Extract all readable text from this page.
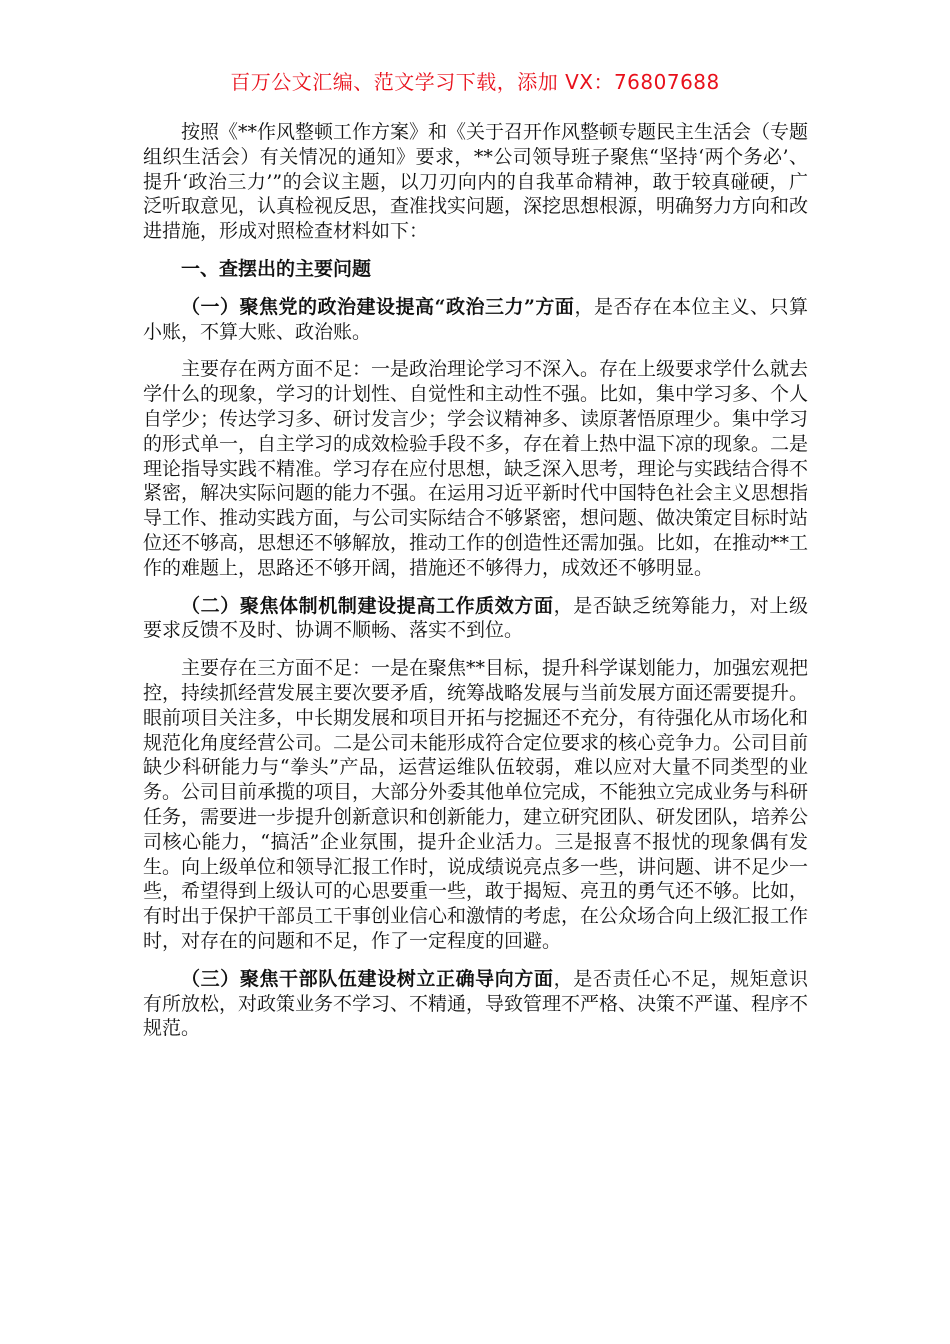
百万公文汇编、范文学习下载，添加 VX：76807688

按照《**作风整顿工作方案》和《关于召开作风整顿专题民主生活会（专题组织生活会）有关情况的通知》要求，**公司领导班子聚焦“坚持‘两个务必’、提升‘政治三力’”的会议主题，以刀刃向内的自我革命精神，敢于较真碰硬，广泛听取意见，认真检视反思，查准找实问题，深挖思想根源，明确努力方向和改进措施，形成对照检查材料如下：

一、查摆出的主要问题

（一）聚焦党的政治建设提高“政治三力”方面，是否存在本位主义、只算小账，不算大账、政治账。

主要存在两方面不足：一是政治理论学习不深入。存在上级要求学什么就去学什么的现象，学习的计划性、自觉性和主动性不强。比如，集中学习多、个人自学少；传达学习多、研讨发言少；学会议精神多、读原著悟原理少。集中学习的形式单一，自主学习的成效检验手段不多，存在着上热中温下凉的现象。二是理论指导实践不精准。学习存在应付思想，缺乏深入思考，理论与实践结合得不紧密，解决实际问题的能力不强。在运用习近平新时代中国特色社会主义思想指导工作、推动实践方面，与公司实际结合不够紧密，想问题、做决策定目标时站位还不够高，思想还不够解放，推动工作的创造性还需加强。比如，在推动**工作的难题上，思路还不够开阔，措施还不够得力，成效还不够明显。

（二）聚焦体制机制建设提高工作质效方面，是否缺乏统筹能力，对上级要求反馈不及时、协调不顺畅、落实不到位。

主要存在三方面不足：一是在聚焦**目标，提升科学谋划能力，加强宏观把控，持续抓经营发展主要次要矛盾，统筹战略发展与当前发展方面还需要提升。眼前项目关注多，中长期发展和项目开拓与挖掘还不充分，有待强化从市场化和规范化角度经营公司。二是公司未能形成符合定位要求的核心竞争力。公司目前缺少科研能力与“拳头”产品，运营运维队伍较弱，难以应对大量不同类型的业务。公司目前承揽的项目，大部分外委其他单位完成，不能独立完成业务与科研任务，需要进一步提升创新意识和创新能力，建立研究团队、研发团队，培养公司核心能力，“搞活”企业氛围，提升企业活力。三是报喜不报忧的现象偶有发生。向上级单位和领导汇报工作时，说成绩说亮点多一些，讲问题、讲不足少一些，希望得到上级认可的心思要重一些，敢于揭短、亮丑的勇气还不够。比如，有时出于保护干部员工干事创业信心和激情的考虑，在公众场合向上级汇报工作时，对存在的问题和不足，作了一定程度的回避。

（三）聚焦干部队伍建设树立正确导向方面，是否责任心不足，规矩意识有所放松，对政策业务不学习、不精通，导致管理不严格、决策不严谨、程序不规范。
